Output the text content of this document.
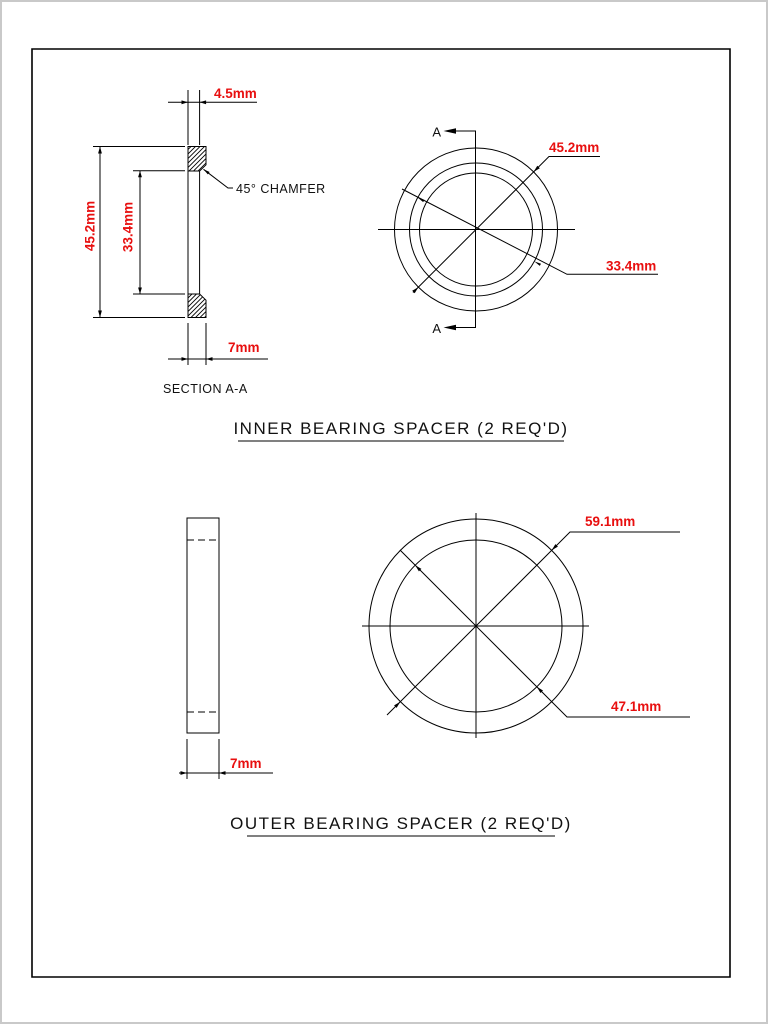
4.5mm
45.2mm 33.4mm
7mm
45° CHAMFER
SECTION A-A
A
A
45.2mm
33.4mm
INNER BEARING SPACER (2 REQ'D)
7mm
59.1mm
47.1mm
OUTER BEARING SPACER (2 REQ'D)
